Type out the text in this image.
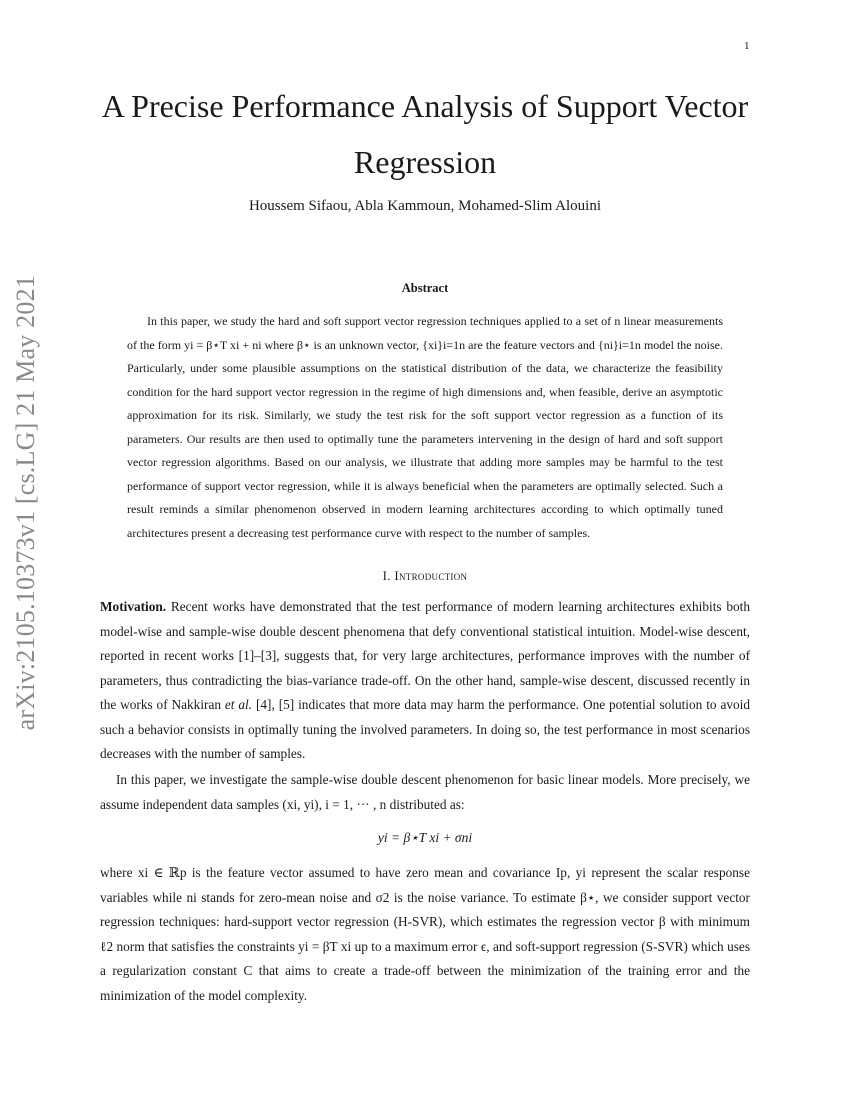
1
arXiv:2105.10373v1 [cs.LG] 21 May 2021
A Precise Performance Analysis of Support Vector Regression
Houssem Sifaou, Abla Kammoun, Mohamed-Slim Alouini
Abstract

In this paper, we study the hard and soft support vector regression techniques applied to a set of n linear measurements of the form yi = β⋆T xi + ni where β⋆ is an unknown vector, {xi}i=1n are the feature vectors and {ni}i=1n model the noise. Particularly, under some plausible assumptions on the statistical distribution of the data, we characterize the feasibility condition for the hard support vector regression in the regime of high dimensions and, when feasible, derive an asymptotic approximation for its risk. Similarly, we study the test risk for the soft support vector regression as a function of its parameters. Our results are then used to optimally tune the parameters intervening in the design of hard and soft support vector regression algorithms. Based on our analysis, we illustrate that adding more samples may be harmful to the test performance of support vector regression, while it is always beneficial when the parameters are optimally selected. Such a result reminds a similar phenomenon observed in modern learning architectures according to which optimally tuned architectures present a decreasing test performance curve with respect to the number of samples.

I. Introduction

Motivation. Recent works have demonstrated that the test performance of modern learning architectures exhibits both model-wise and sample-wise double descent phenomena that defy conventional statistical intuition. Model-wise descent, reported in recent works [1]–[3], suggests that, for very large architectures, performance improves with the number of parameters, thus contradicting the bias-variance trade-off. On the other hand, sample-wise descent, discussed recently in the works of Nakkiran et al. [4], [5] indicates that more data may harm the performance. One potential solution to avoid such a behavior consists in optimally tuning the involved parameters. In doing so, the test performance in most scenarios decreases with the number of samples.

In this paper, we investigate the sample-wise double descent phenomenon for basic linear models. More precisely, we assume independent data samples (xi, yi), i = 1, ··· , n distributed as:

yi = β⋆T xi + σni

where xi ∈ ℝp is the feature vector assumed to have zero mean and covariance Ip, yi represent the scalar response variables while ni stands for zero-mean noise and σ2 is the noise variance. To estimate β⋆, we consider support vector regression techniques: hard-support vector regression (H-SVR), which estimates the regression vector β with minimum ℓ2 norm that satisfies the constraints yi = βT xi up to a maximum error ϵ, and soft-support regression (S-SVR) which uses a regularization constant C that aims to create a trade-off between the minimization of the training error and the minimization of the model complexity.
